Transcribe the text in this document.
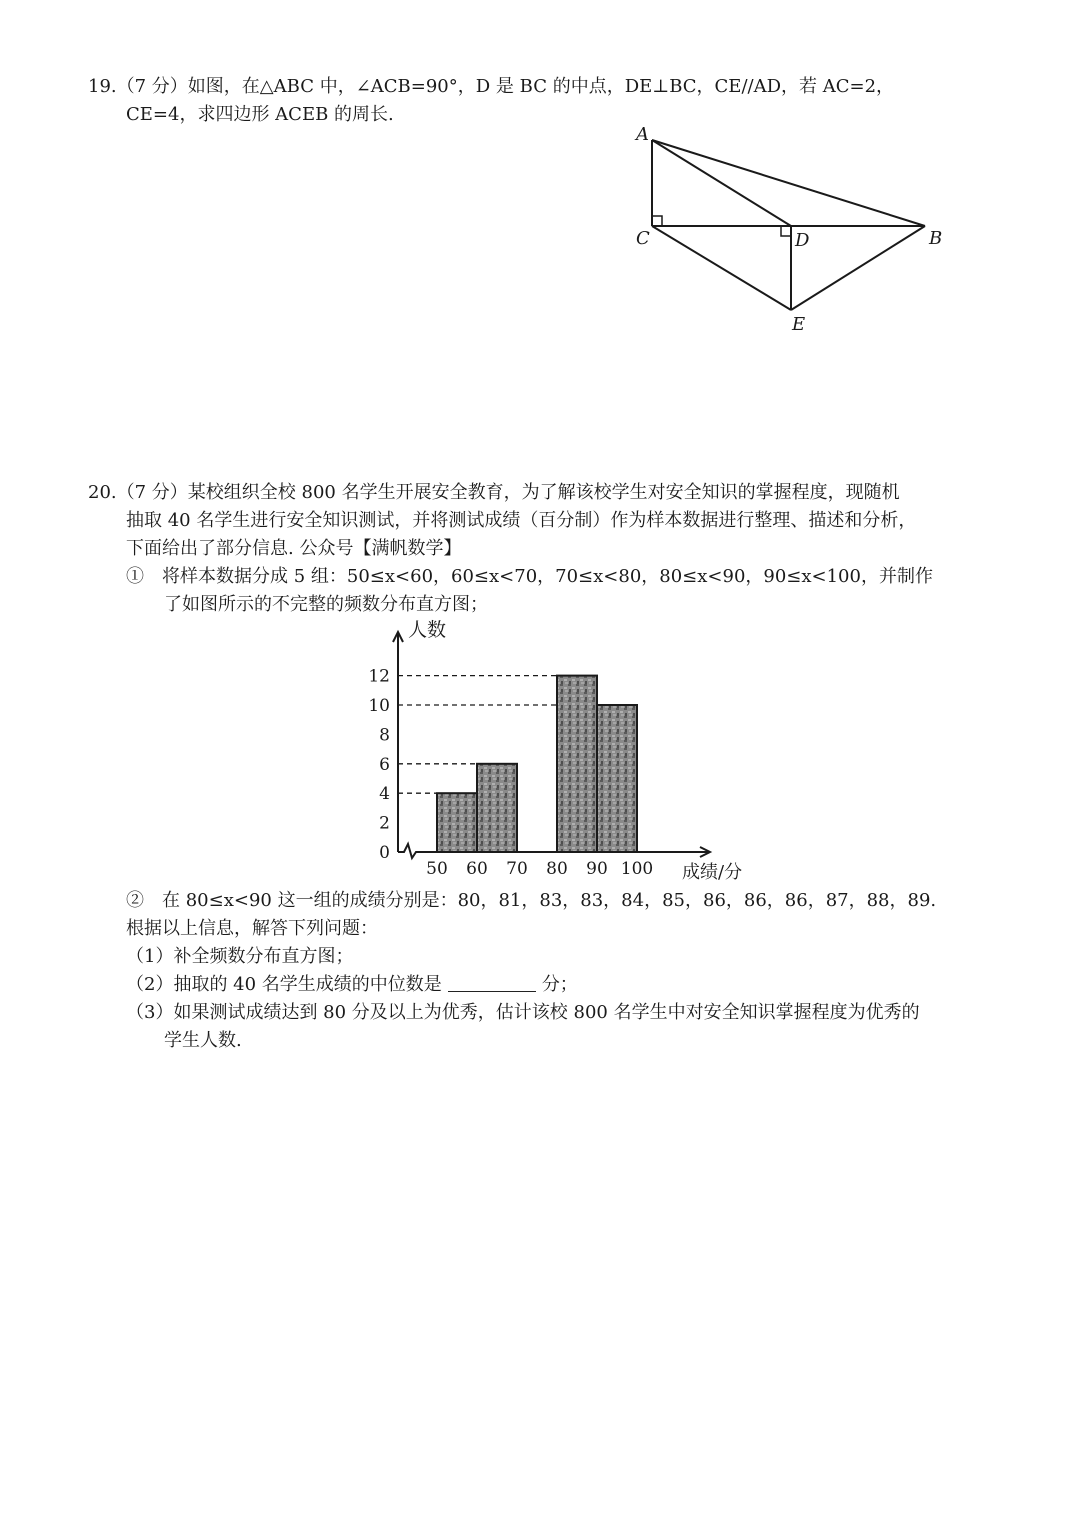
19.（7 分）如图，在△ABC 中，∠ACB=90°，D 是 BC 的中点，DE⊥BC，CE//AD，若 AC=2，
CE=4，求四边形 ACEB 的周长.
A
C	D	B
E
20.（7 分）某校组织全校 800 名学生开展安全教育，为了解该校学生对安全知识的掌握程度，现随机
抽取 40 名学生进行安全知识测试，并将测试成绩（百分制）作为样本数据进行整理、描述和分析，
下面给出了部分信息. 公众号【满帆数学】
①　将样本数据分成 5 组：50≤x<60，60≤x<70，70≤x<80，80≤x<90，90≤x<100，并制作
了如图所示的不完整的频数分布直方图；
0
2
4
6
8
10
12
50 60 70 80 90 100
人数
成绩/分
②　在 80≤x<90 这一组的成绩分别是：80，81，83，83，84，85，86，86，86，87，88，89.
根据以上信息，解答下列问题：
（1）补全频数分布直方图；
（2）抽取的 40 名学生成绩的中位数是	分；
（3）如果测试成绩达到 80 分及以上为优秀，估计该校 800 名学生中对安全知识掌握程度为优秀的
学生人数.
